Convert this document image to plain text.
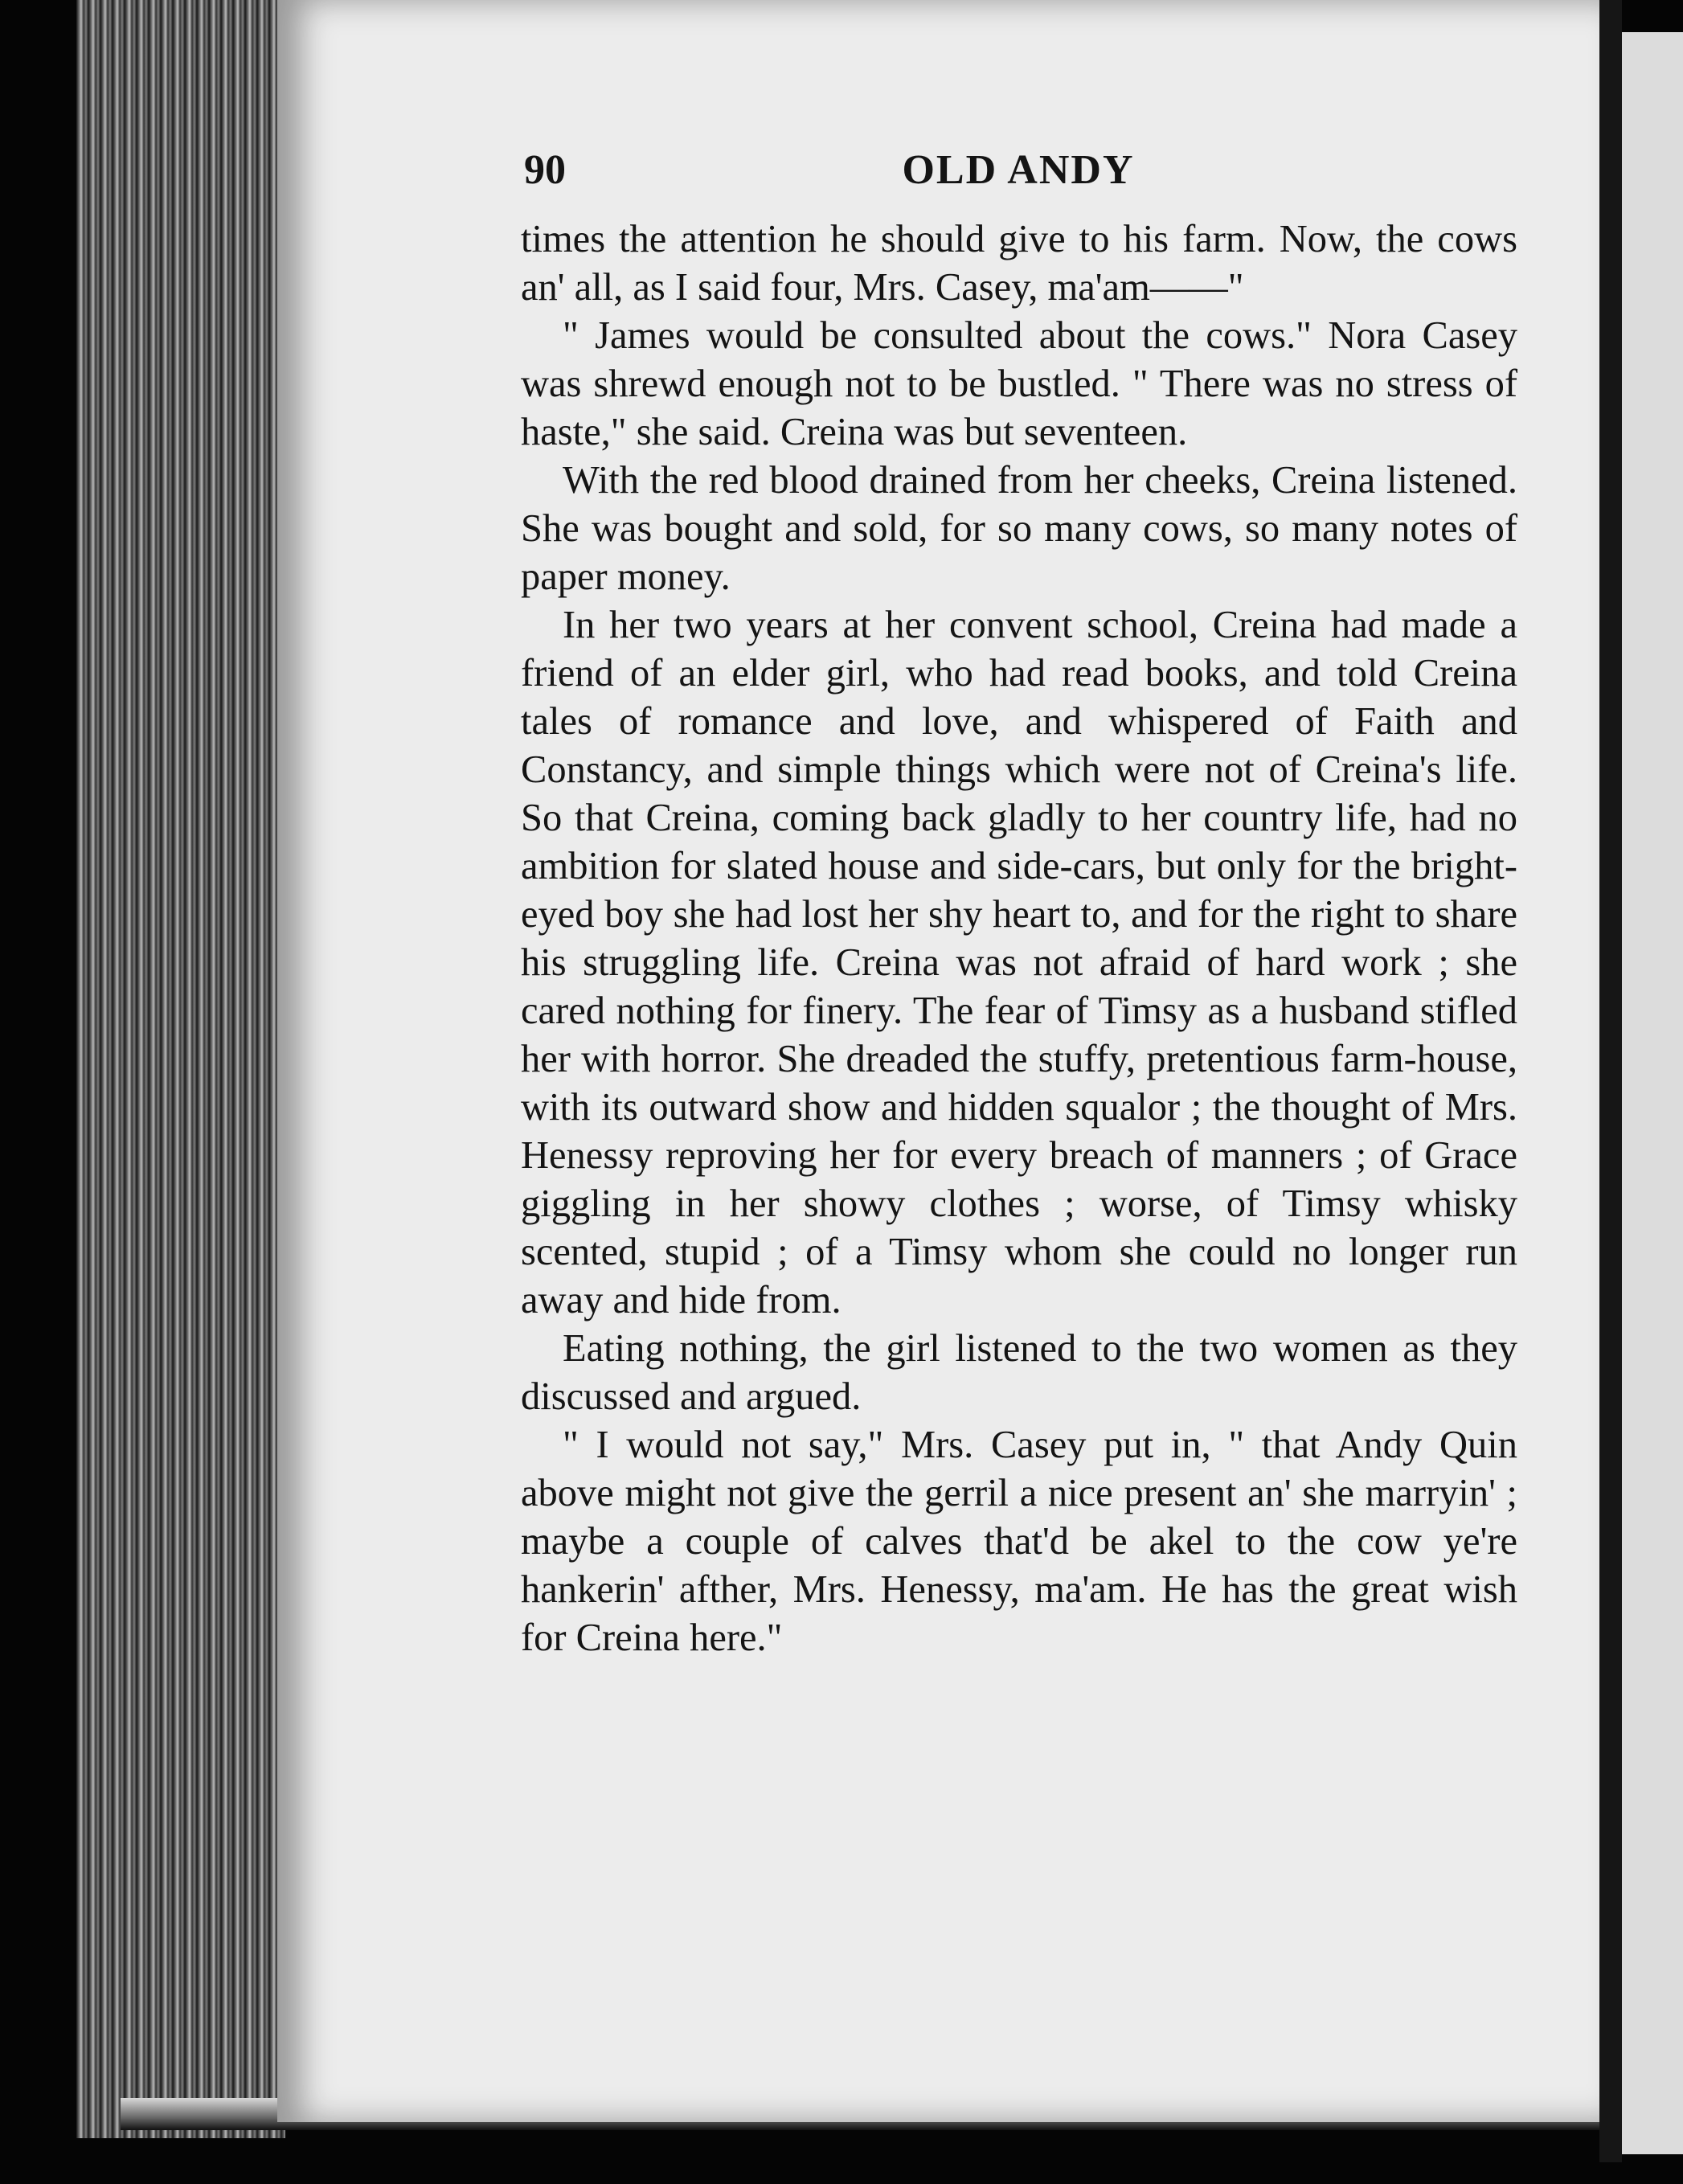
90	OLD ANDY

times the attention he should give to his farm. Now, the cows an' all, as I said four, Mrs. Casey, ma'am——"

" James would be consulted about the cows." Nora Casey was shrewd enough not to be bustled. " There was no stress of haste," she said. Creina was but seventeen.

With the red blood drained from her cheeks, Creina listened. She was bought and sold, for so many cows, so many notes of paper money.

In her two years at her convent school, Creina had made a friend of an elder girl, who had read books, and told Creina tales of romance and love, and whispered of Faith and Constancy, and simple things which were not of Creina's life. So that Creina, coming back gladly to her country life, had no ambition for slated house and side-cars, but only for the bright-eyed boy she had lost her shy heart to, and for the right to share his struggling life. Creina was not afraid of hard work ; she cared nothing for finery. The fear of Timsy as a husband stifled her with horror. She dreaded the stuffy, pretentious farm-house, with its outward show and hidden squalor ; the thought of Mrs. Henessy reproving her for every breach of manners ; of Grace giggling in her showy clothes ; worse, of Timsy whisky scented, stupid ; of a Timsy whom she could no longer run away and hide from.

Eating nothing, the girl listened to the two women as they discussed and argued.

" I would not say," Mrs. Casey put in, " that Andy Quin above might not give the gerril a nice present an' she marryin' ; maybe a couple of calves that'd be akel to the cow ye're hankerin' afther, Mrs. Henessy, ma'am. He has the great wish for Creina here."
